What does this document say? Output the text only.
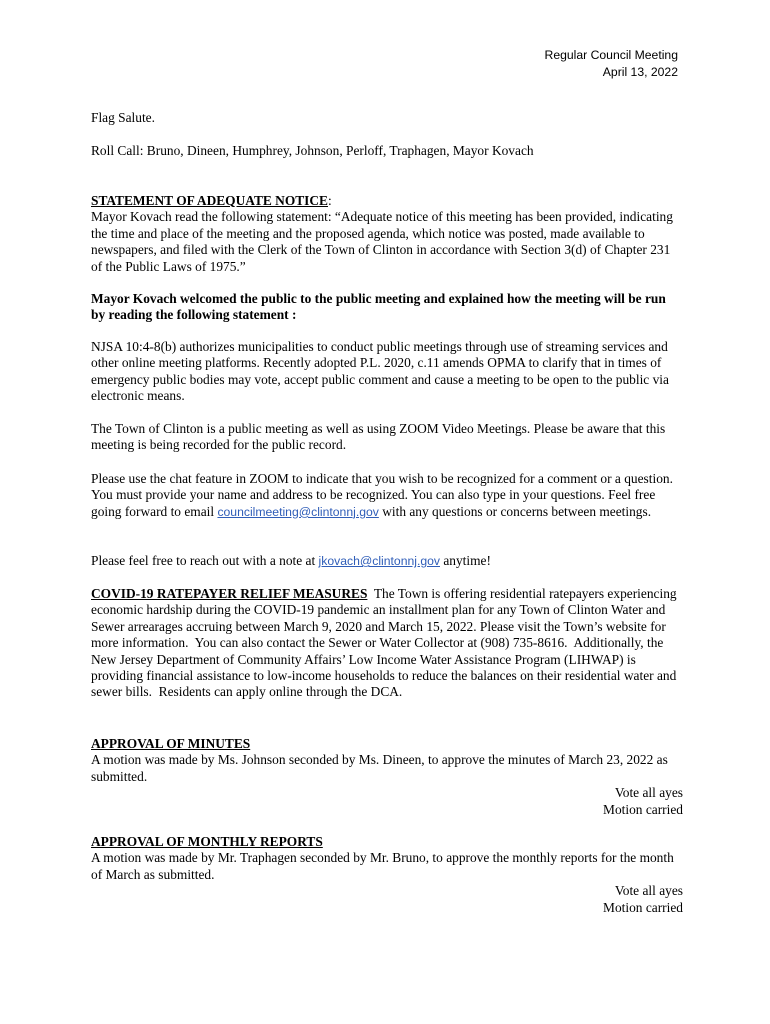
Regular Council Meeting
April 13, 2022

Flag Salute.

Roll Call: Bruno, Dineen, Humphrey, Johnson, Perloff, Traphagen, Mayor Kovach

STATEMENT OF ADEQUATE NOTICE:
Mayor Kovach read the following statement: “Adequate notice of this meeting has been provided, indicating the time and place of the meeting and the proposed agenda, which notice was posted, made available to newspapers, and filed with the Clerk of the Town of Clinton in accordance with Section 3(d) of Chapter 231 of the Public Laws of 1975.”

Mayor Kovach welcomed the public to the public meeting and explained how the meeting will be run by reading the following statement :

NJSA 10:4-8(b) authorizes municipalities to conduct public meetings through use of streaming services and other online meeting platforms. Recently adopted P.L. 2020, c.11 amends OPMA to clarify that in times of emergency public bodies may vote, accept public comment and cause a meeting to be open to the public via electronic means.

The Town of Clinton is a public meeting as well as using ZOOM Video Meetings. Please be aware that this meeting is being recorded for the public record.

Please use the chat feature in ZOOM to indicate that you wish to be recognized for a comment or a question. You must provide your name and address to be recognized. You can also type in your questions. Feel free going forward to email councilmeeting@clintonnj.gov with any questions or concerns between meetings.

Please feel free to reach out with a note at jkovach@clintonnj.gov anytime!

COVID-19 RATEPAYER RELIEF MEASURES  The Town is offering residential ratepayers experiencing economic hardship during the COVID-19 pandemic an installment plan for any Town of Clinton Water and Sewer arrearages accruing between March 9, 2020 and March 15, 2022. Please visit the Town’s website for more information.  You can also contact the Sewer or Water Collector at (908) 735-8616.  Additionally, the New Jersey Department of Community Affairs’ Low Income Water Assistance Program (LIHWAP) is providing financial assistance to low-income households to reduce the balances on their residential water and sewer bills.  Residents can apply online through the DCA.

APPROVAL OF MINUTES
A motion was made by Ms. Johnson seconded by Ms. Dineen, to approve the minutes of March 23, 2022 as submitted.
Vote all ayes
Motion carried
APPROVAL OF MONTHLY REPORTS
A motion was made by Mr. Traphagen seconded by Mr. Bruno, to approve the monthly reports for the month of March as submitted.
Vote all ayes
Motion carried
